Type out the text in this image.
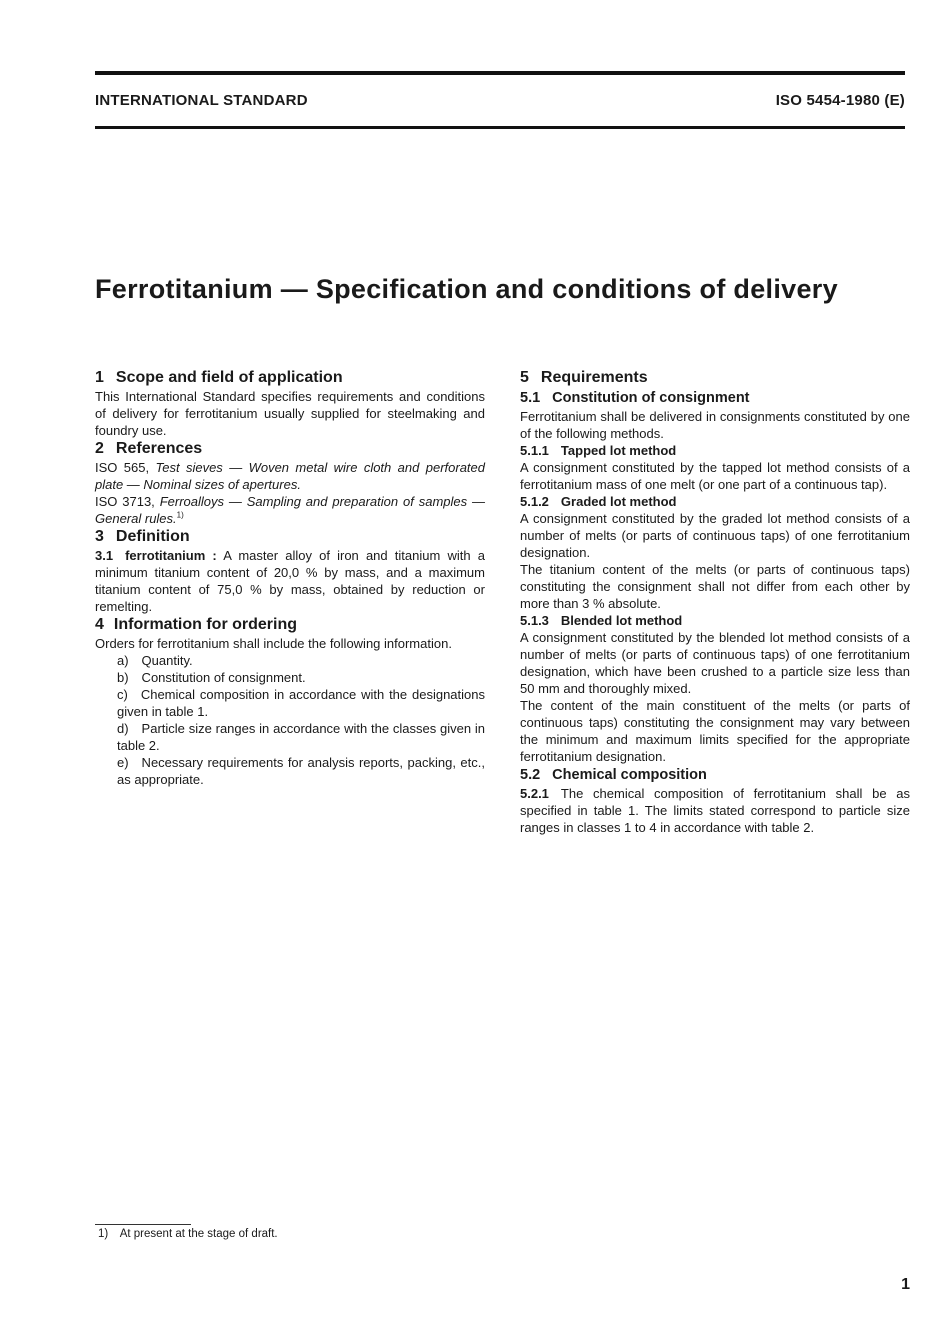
INTERNATIONAL STANDARD	ISO 5454-1980 (E)
Ferrotitanium — Specification and conditions of delivery
1 Scope and field of application

This International Standard specifies requirements and conditions of delivery for ferrotitanium usually supplied for steelmaking and foundry use.

2 References

ISO 565, Test sieves — Woven metal wire cloth and perforated plate — Nominal sizes of apertures.

ISO 3713, Ferroalloys — Sampling and preparation of samples — General rules.$^{1)}$

3 Definition

3.1 ferrotitanium : A master alloy of iron and titanium with a minimum titanium content of 20,0 % by mass, and a maximum titanium content of 75,0 % by mass, obtained by reduction or remelting.

4 Information for ordering

Orders for ferrotitanium shall include the following information.

a) Quantity.

b) Constitution of consignment.

c) Chemical composition in accordance with the designations given in table 1.

d) Particle size ranges in accordance with the classes given in table 2.

e) Necessary requirements for analysis reports, packing, etc., as appropriate.

5 Requirements
5.1 Constitution of consignment

Ferrotitanium shall be delivered in consignments constituted by one of the following methods.

5.1.1 Tapped lot method

A consignment constituted by the tapped lot method consists of a ferrotitanium mass of one melt (or one part of a continuous tap).

5.1.2 Graded lot method

A consignment constituted by the graded lot method consists of a number of melts (or parts of continuous taps) of one ferrotitanium designation.

The titanium content of the melts (or parts of continuous taps) constituting the consignment shall not differ from each other by more than 3 % absolute.

5.1.3 Blended lot method

A consignment constituted by the blended lot method consists of a number of melts (or parts of continuous taps) of one ferrotitanium designation, which have been crushed to a particle size less than 50 mm and thoroughly mixed.

The content of the main constituent of the melts (or parts of continuous taps) constituting the consignment may vary between the minimum and maximum limits specified for the appropriate ferrotitanium designation.

5.2 Chemical composition

5.2.1 The chemical composition of ferrotitanium shall be as specified in table 1. The limits stated correspond to particle size ranges in classes 1 to 4 in accordance with table 2.

1) At present at the stage of draft.
1
